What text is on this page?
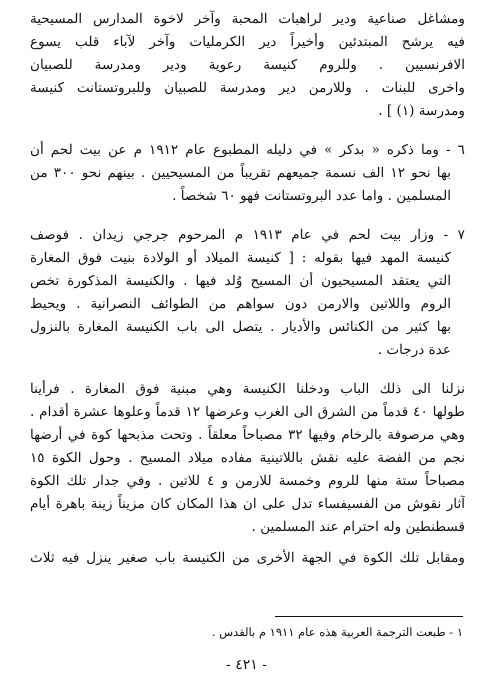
ومشاغل صناعية ودير لراهبات المحبة وآخر لاخوة المدارس المسيحية
فيه يرشح المبتدئين وأخيراً دير الكرمليات وآخر لآباء قلب يسوع
الافرنسيين . وللروم كنيسة رعوية ودير ومدرسة للصبيان
واخرى للبنات . وللارمن دير ومدرسة للصبيان وللبروتستانت كنيسة
ومدرسة (١) ] .
٦ - وما ذكره « بدكر » في دليله المطبوع عام ١٩١٢ م عن بيت لحم أن
بها نحو ١٢ الف نسمة جميعهم تقريباً من المسيحيين . بينهم نحو ٣٠٠ من
المسلمين . واما عدد البروتستانت فهو ٦٠ شخصاً .
٧ - وزار بيت لحم في عام ١٩١٣ م المرحوم جرجي زيدان . فوصف
كنيسة المهد فيها بقوله : [ كنيسة الميلاد أو الولادة بنيت فوق المغارة
التي يعتقد المسيحيون أن المسيح وُلد فيها . والكنيسة المذكورة تخص
الروم واللاتين والارمن دون سواهم من الطوائف النصرانية . ويحيط
بها كثير من الكنائس والأديار . يتصل الى باب الكنيسة المغارة بالنزول
عدة درجات .
نزلنا الى ذلك الباب ودخلنا الكنيسة وهي مبنية فوق المغارة . فرأينا
طولها ٤٠ قدماً من الشرق الى الغرب وعرضها ١٢ قدماً وعلوها عشرة أقدام .
وهي مرصوفة بالرخام وفيها ٣٢ مصباحاً معلقاً . وتحت مذبحها كوة في أرضها
نجم من الفضة عليه نقش باللاتينية مفاده ميلاد المسيح . وحول الكوة ١٥
مصباحاً ستة منها للروم وخمسة للارمن و ٤ للاتين . وفي جدار تلك الكوة
آثار نقوش من الفسيفساء تدل على ان هذا المكان كان مزيناً زينة باهرة أيام
قسطنطين وله احترام عند المسلمين .
ومقابل تلك الكوة في الجهة الأخرى من الكنيسة باب صغير ينزل فيه ثلاث
١ - طبعت الترجمة العربية هذه عام ١٩١١ م بالقدس .
- ٤٢١ -
